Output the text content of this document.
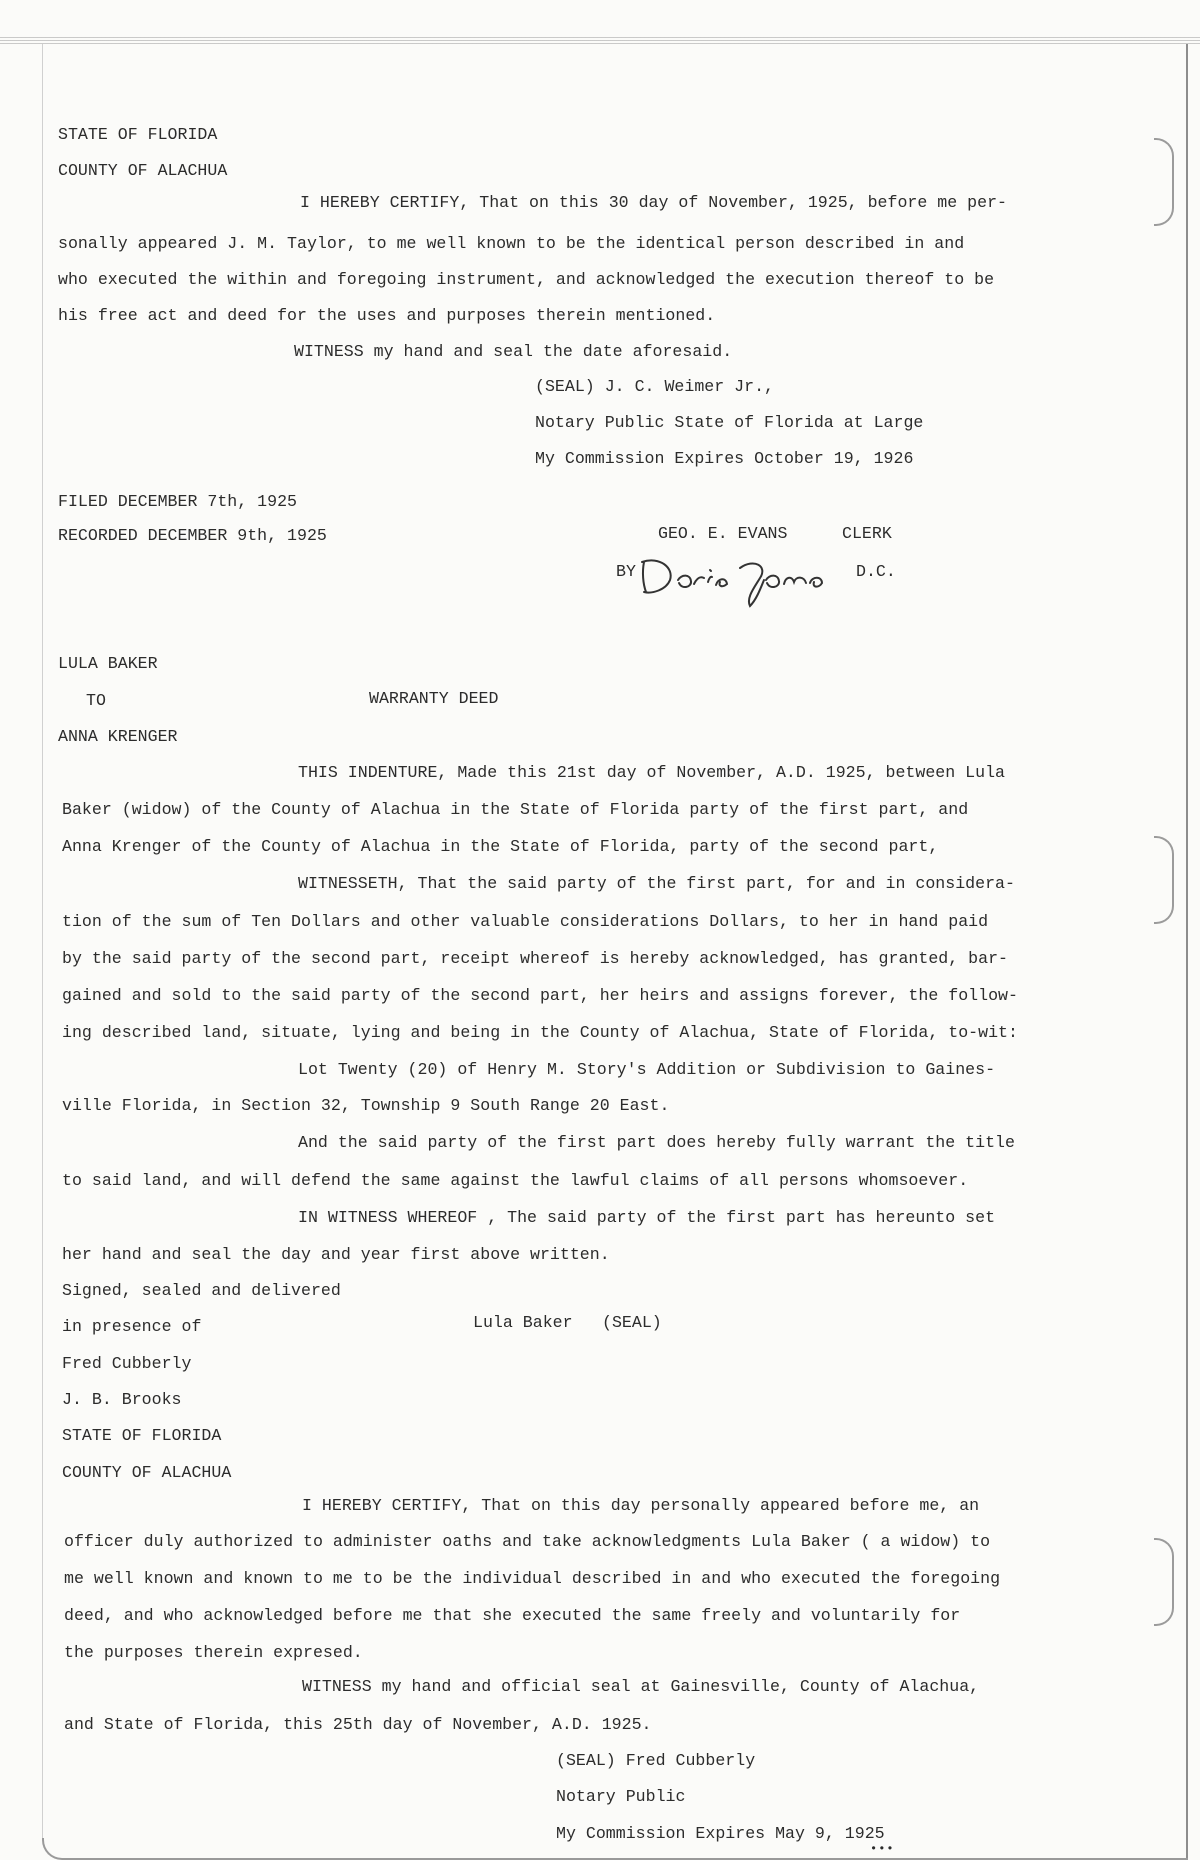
STATE OF FLORIDA
COUNTY OF ALACHUA
I HEREBY CERTIFY, That on this 30 day of November, 1925, before me per-
sonally appeared J. M. Taylor, to me well known to be the identical person described in and
who executed the within and foregoing instrument, and acknowledged the execution thereof to be
his free act and deed for the uses and purposes therein mentioned.
WITNESS my hand and seal the date aforesaid.
(SEAL) J. C. Weimer Jr.,
Notary Public State of Florida at Large
My Commission Expires October 19, 1926
FILED DECEMBER 7th, 1925
RECORDED DECEMBER 9th, 1925	GEO. E. EVANS	CLERK
BY	D.C.
LULA BAKER
TO	WARRANTY DEED
ANNA KRENGER
THIS INDENTURE, Made this 21st day of November, A.D. 1925, between Lula
Baker (widow) of the County of Alachua in the State of Florida party of the first part, and
Anna Krenger of the County of Alachua in the State of Florida, party of the second part,
WITNESSETH, That the said party of the first part, for and in considera-
tion of the sum of Ten Dollars and other valuable considerations Dollars, to her in hand paid
by the said party of the second part, receipt whereof is hereby acknowledged, has granted, bar-
gained and sold to the said party of the second part, her heirs and assigns forever, the follow-
ing described land, situate, lying and being in the County of Alachua, State of Florida, to-wit:
Lot Twenty (20) of Henry M. Story's Addition or Subdivision to Gaines-
ville Florida, in Section 32, Township 9 South Range 20 East.
And the said party of the first part does hereby fully warrant the title
to said land, and will defend the same against the lawful claims of all persons whomsoever.
IN WITNESS WHEREOF , The said party of the first part has hereunto set
her hand and seal the day and year first above written.
Signed, sealed and delivered
in presence of	Lula Baker (SEAL)
Fred Cubberly
J. B. Brooks
STATE OF FLORIDA
COUNTY OF ALACHUA
I HEREBY CERTIFY, That on this day personally appeared before me, an
officer duly authorized to administer oaths and take acknowledgments Lula Baker ( a widow) to
me well known and known to me to be the individual described in and who executed the foregoing
deed, and who acknowledged before me that she executed the same freely and voluntarily for
the purposes therein expresed.
WITNESS my hand and official seal at Gainesville, County of Alachua,
and State of Florida, this 25th day of November, A.D. 1925.
(SEAL) Fred Cubberly
Notary Public
My Commission Expires May 9, 1925
•••
